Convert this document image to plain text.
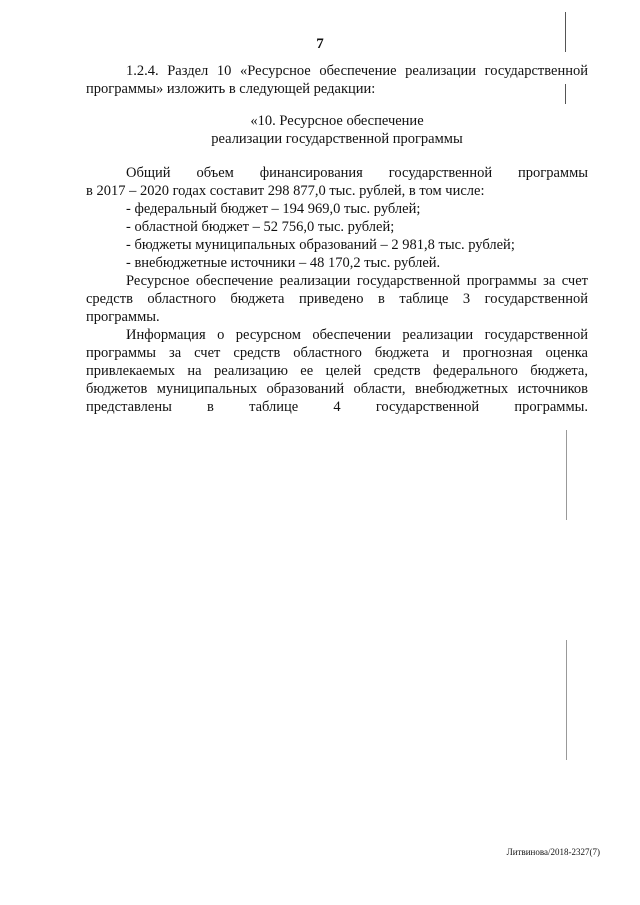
7

1.2.4. Раздел 10 «Ресурсное обеспечение реализации государственной программы» изложить в следующей редакции:

«10. Ресурсное обеспечение
реализации государственной программы

Общий объем финансирования государственной программы

в 2017 – 2020 годах составит 298 877,0 тыс. рублей, в том числе:

- федеральный бюджет – 194 969,0 тыс. рублей;
- областной бюджет – 52 756,0 тыс. рублей;
- бюджеты муниципальных образований – 2 981,8 тыс. рублей;
- внебюджетные источники – 48 170,2 тыс. рублей.

Ресурсное обеспечение реализации государственной программы за счет средств областного бюджета приведено в таблице 3 государственной программы.

Информация о ресурсном обеспечении реализации государственной программы за счет средств областного бюджета и прогнозная оценка привлекаемых на реализацию ее целей средств федерального бюджета, бюджетов муниципальных образований области, внебюджетных источников представлены в таблице 4 государственной программы.

Литвинова/2018-2327(7)
